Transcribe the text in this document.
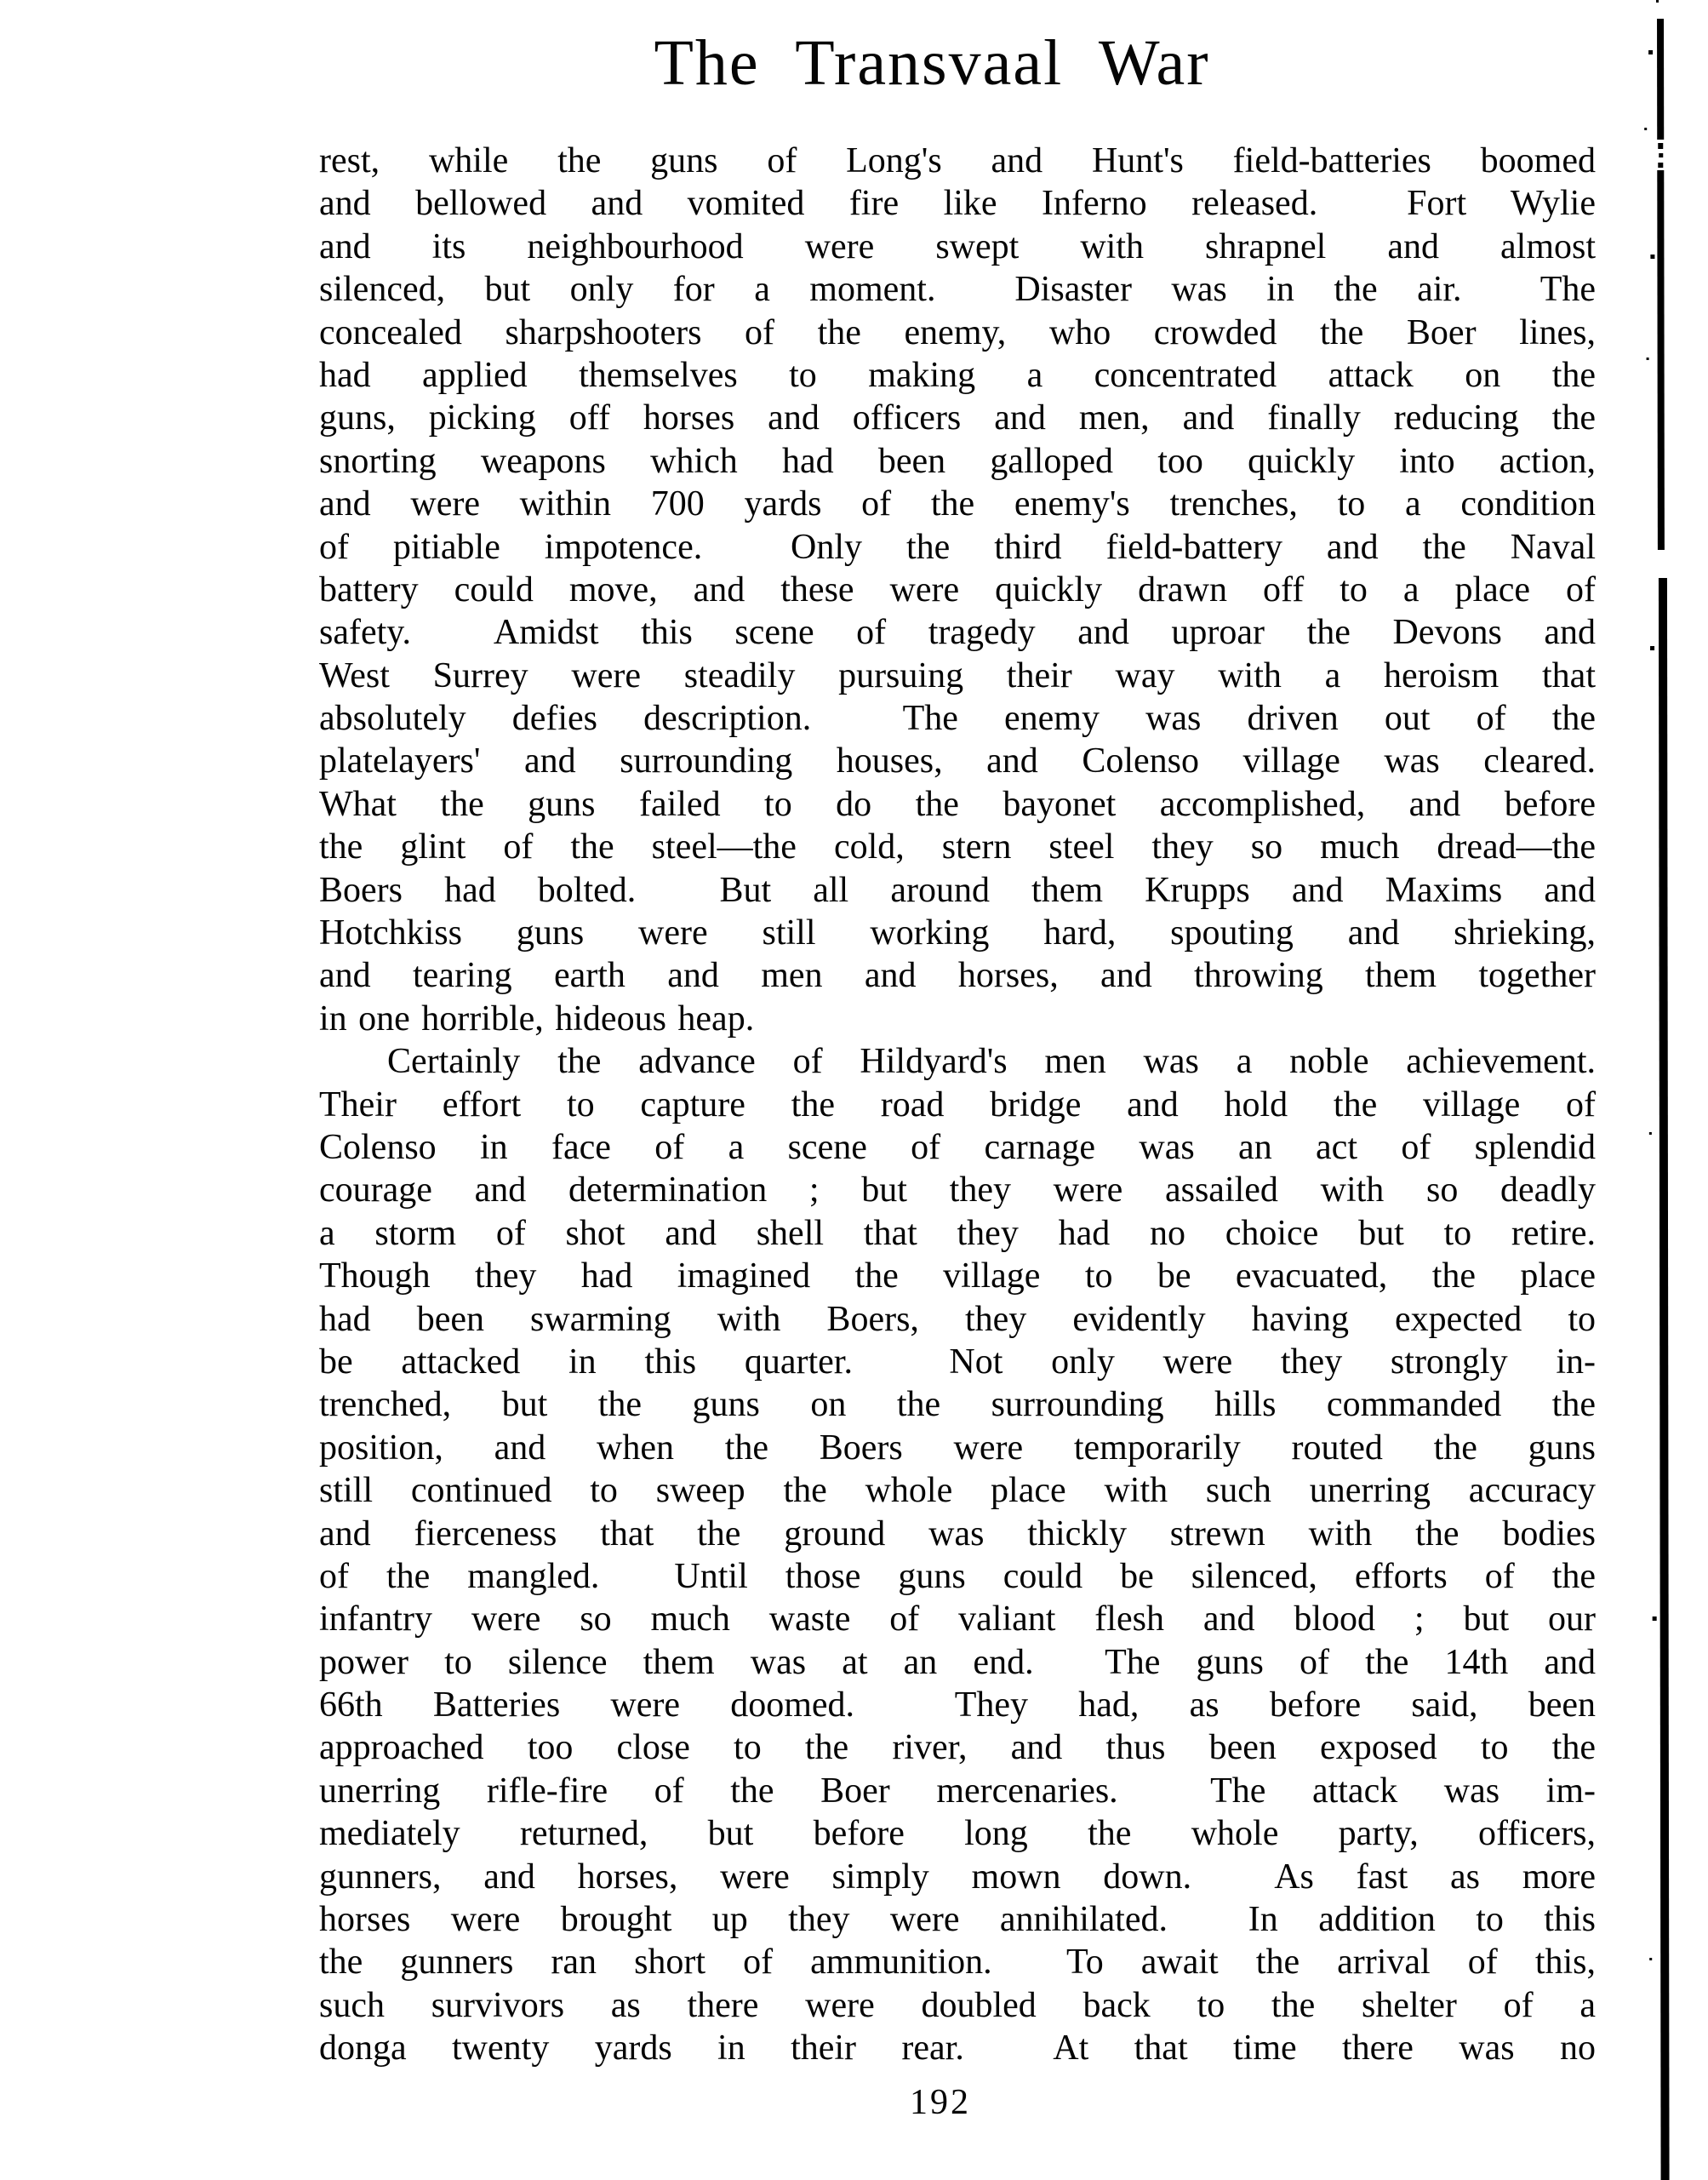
The Transvaal War
rest, while the guns of Long's and Hunt's field-batteries boomed
and bellowed and vomited fire like Inferno released.  Fort Wylie
and its neighbourhood were swept with shrapnel and almost
silenced, but only for a moment.  Disaster was in the air.  The
concealed sharpshooters of the enemy, who crowded the Boer lines,
had applied themselves to making a concentrated attack on the
guns, picking off horses and officers and men, and finally reducing the
snorting weapons which had been galloped too quickly into action,
and were within 700 yards of the enemy's trenches, to a condition
of pitiable impotence.  Only the third field-battery and the Naval
battery could move, and these were quickly drawn off to a place of
safety.  Amidst this scene of tragedy and uproar the Devons and
West Surrey were steadily pursuing their way with a heroism that
absolutely defies description.  The enemy was driven out of the
platelayers' and surrounding houses, and Colenso village was cleared.
What the guns failed to do the bayonet accomplished, and before
the glint of the steel—the cold, stern steel they so much dread—the
Boers had bolted.  But all around them Krupps and Maxims and
Hotchkiss guns were still working hard, spouting and shrieking,
and tearing earth and men and horses, and throwing them together
in one horrible, hideous heap.
Certainly the advance of Hildyard's men was a noble achievement.
Their effort to capture the road bridge and hold the village of
Colenso in face of a scene of carnage was an act of splendid
courage and determination ; but they were assailed with so deadly
a storm of shot and shell that they had no choice but to retire.
Though they had imagined the village to be evacuated, the place
had been swarming with Boers, they evidently having expected to
be attacked in this quarter.  Not only were they strongly in-
trenched, but the guns on the surrounding hills commanded the
position, and when the Boers were temporarily routed the guns
still continued to sweep the whole place with such unerring accuracy
and fierceness that the ground was thickly strewn with the bodies
of the mangled.  Until those guns could be silenced, efforts of the
infantry were so much waste of valiant flesh and blood ; but our
power to silence them was at an end.  The guns of the 14th and
66th Batteries were doomed.  They had, as before said, been
approached too close to the river, and thus been exposed to the
unerring rifle-fire of the Boer mercenaries.  The attack was im-
mediately returned, but before long the whole party, officers,
gunners, and horses, were simply mown down.  As fast as more
horses were brought up they were annihilated.  In addition to this
the gunners ran short of ammunition.  To await the arrival of this,
such survivors as there were doubled back to the shelter of a
donga twenty yards in their rear.  At that time there was no
192
